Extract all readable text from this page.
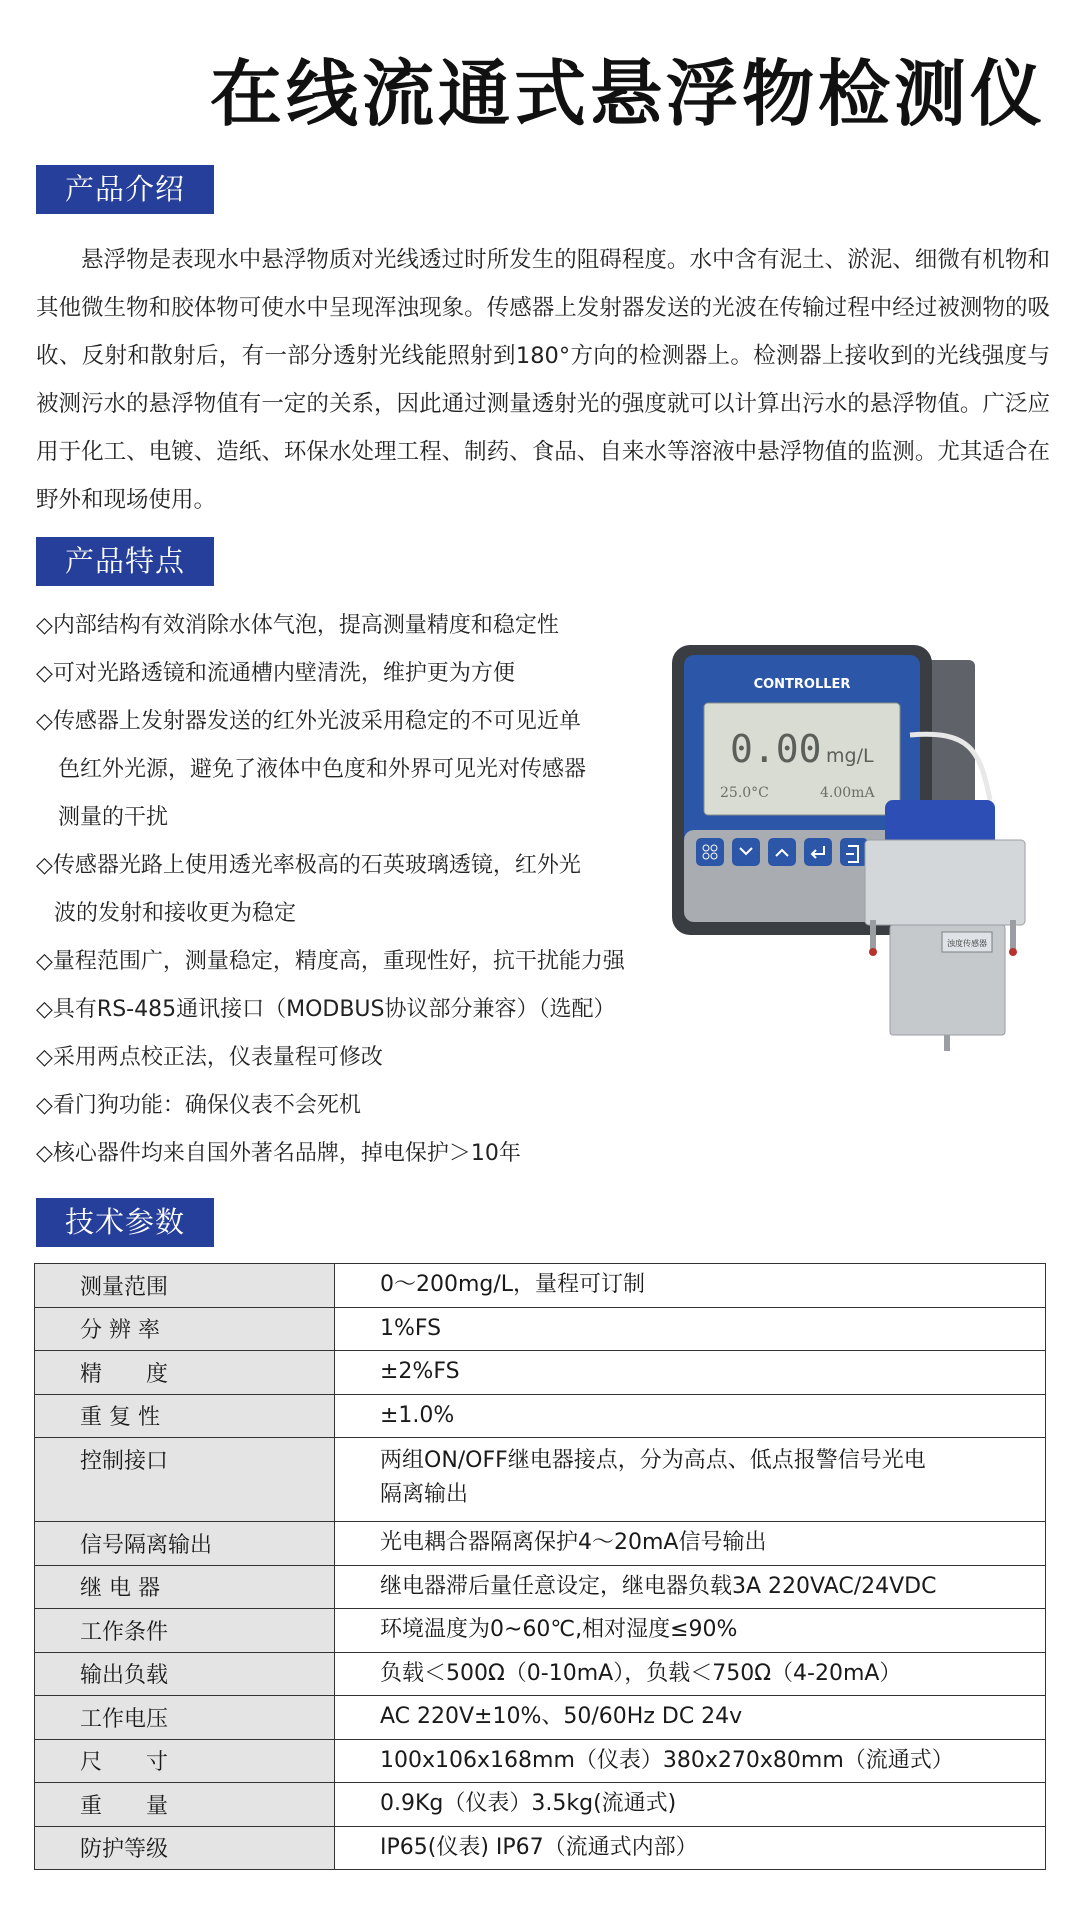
在线流通式悬浮物检测仪
产品介绍

悬浮物是表现水中悬浮物质对光线透过时所发生的阻碍程度。水中含有泥土、淤泥、细微有机物和其他微生物和胶体物可使水中呈现浑浊现象。传感器上发射器发送的光波在传输过程中经过被测物的吸收、反射和散射后，有一部分透射光线能照射到180°方向的检测器上。检测器上接收到的光线强度与被测污水的悬浮物值有一定的关系，因此通过测量透射光的强度就可以计算出污水的悬浮物值。广泛应用于化工、电镀、造纸、环保水处理工程、制药、食品、自来水等溶液中悬浮物值的监测。尤其适合在野外和现场使用。

产品特点
◇内部结构有效消除水体气泡，提高测量精度和稳定性
◇可对光路透镜和流通槽内壁清洗，维护更为方便
◇传感器上发射器发送的红外光波采用稳定的不可见近单
色红外光源，避免了液体中色度和外界可见光对传感器
测量的干扰
◇传感器光路上使用透光率极高的石英玻璃透镜，红外光
波的发射和接收更为稳定
◇量程范围广，测量稳定，精度高，重现性好，抗干扰能力强
◇具有RS-485通讯接口（MODBUS协议部分兼容）（选配）
◇采用两点校正法，仪表量程可修改
◇看门狗功能：确保仪表不会死机
◇核心器件均来自国外著名品牌，掉电保护＞10年
CONTROLLER
0.00 mg/L
25.0°C	4.00mA
浊度传感器
技术参数
测量范围	0～200mg/L，量程可订制
分 辨 率	1%FS
精　　度	±2%FS
重 复 性	±1.0%
控制接口	两组ON/OFF继电器接点，分为高点、低点报警信号光电
隔离输出

信号隔离输出	光电耦合器隔离保护4～20mA信号输出
继 电 器	继电器滞后量任意设定，继电器负载3A 220VAC/24VDC
工作条件	环境温度为0~60℃,相对湿度≤90%
输出负载	负载＜500Ω（0-10mA），负载＜750Ω（4-20mA）
工作电压	AC 220V±10%、50/60Hz DC 24v
尺　　寸	100x106x168mm（仪表）380x270x80mm（流通式）
重　　量	0.9Kg（仪表）3.5kg(流通式)
防护等级	IP65(仪表) IP67（流通式内部）
